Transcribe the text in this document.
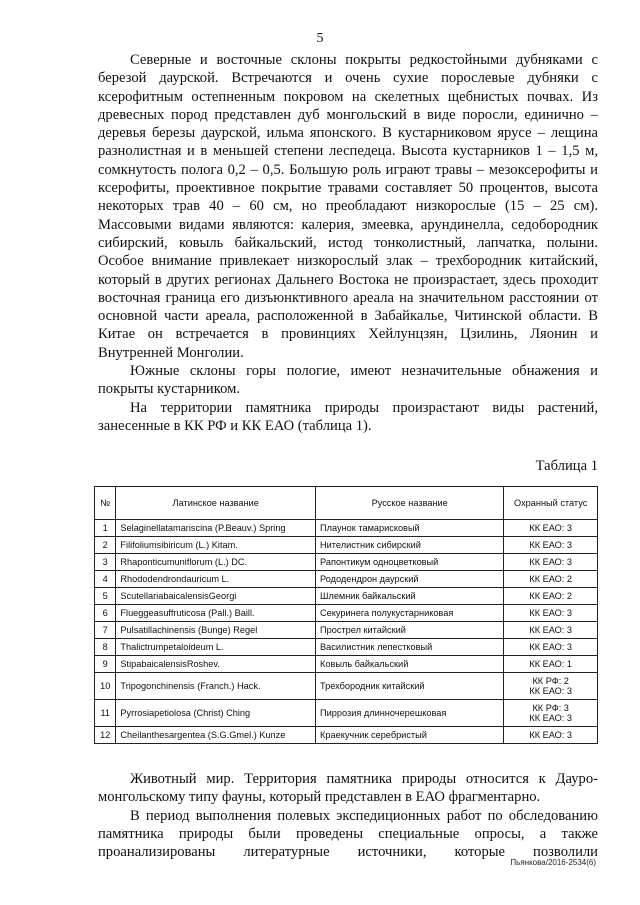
5

Северные и восточные склоны покрыты редкостойными дубняками с березой даурской. Встречаются и очень сухие порослевые дубняки с ксерофитным остепненным покровом на скелетных щебнистых почвах. Из древесных пород представлен дуб монгольский в виде поросли, единично – деревья березы даурской, ильма японского. В кустарниковом ярусе – лещина разнолистная и в меньшей степени леспедеца. Высота кустарников 1 – 1,5 м, сомкнутость полога 0,2 – 0,5. Большую роль играют травы – мезоксерофиты и ксерофиты, проективное покрытие травами составляет 50 процентов, высота некоторых трав 40 – 60 см, но преобладают низкорослые (15 – 25 см). Массовыми видами являются: калерия, змеевка, арундинелла, седобородник сибирский, ковыль байкальский, истод тонколистный, лапчатка, полыни. Особое внимание привлекает низкорослый злак – трехбородник китайский, который в других регионах Дальнего Востока не произрастает, здесь проходит восточная граница его дизъюнктивного ареала на значительном расстоянии от основной части ареала, расположенной в Забайкалье, Читинской области. В Китае он встречается в провинциях Хейлунцзян, Цзилинь, Ляонин и Внутренней Монголии.

Южные склоны горы пологие, имеют незначительные обнажения и покрыты кустарником.

На территории памятника природы произрастают виды растений, занесенные в КК РФ и КК ЕАО (таблица 1).

Таблица 1
№	Латинское название	Русское название	Охранный статус
1	Selaginellatamariscina (P.Beauv.) Spring	Плаунок тамарисковый	КК ЕАО: 3

2	Filifoliumsibiricum (L.) Kitam.	Нителистник сибирский	КК ЕАО: 3

3	Rhaponticumuniflorum (L.) DC.	Рапонтикум одноцветковый	КК ЕАО: 3

4	Rhododendrondauricum L.	Рододендрон даурский	КК ЕАО: 2

5	ScutellariabaicalensisGeorgi	Шлемник байкальский	КК ЕАО: 2

6	Flueggeasuffruticosa (Pall.) Baill.	Секуринега полукустарниковая	КК ЕАО: 3

7	Pulsatillachinensis (Bunge) Regel	Прострел китайский	КК ЕАО: 3

8	Thalictrumpetaloideum L.	Василистник лепестковый	КК ЕАО: 3

9	StipabaicalensisRoshev.	Ковыль байкальский	КК ЕАО: 1

10	Tripogonchinensis (Franch.) Hack.	Трехбородник китайский	КК РФ: 2
КК ЕАО: 3

11	Pyrrosiapetiolosa (Christ) Ching	Пиррозия длинночерешковая	КК РФ: 3
КК ЕАО: 3

12	Cheilanthesargentea (S.G.Gmel.) Kunze	Краекучник серебристый	КК ЕАО: 3

Животный мир. Территория памятника природы относится к Дауро-монгольскому типу фауны, который представлен в ЕАО фрагментарно.

В период выполнения полевых экспедиционных работ по обследованию памятника природы были проведены специальные опросы, а также проанализированы литературные источники, которые позволили

Пьянкова/2016-2534(6)
